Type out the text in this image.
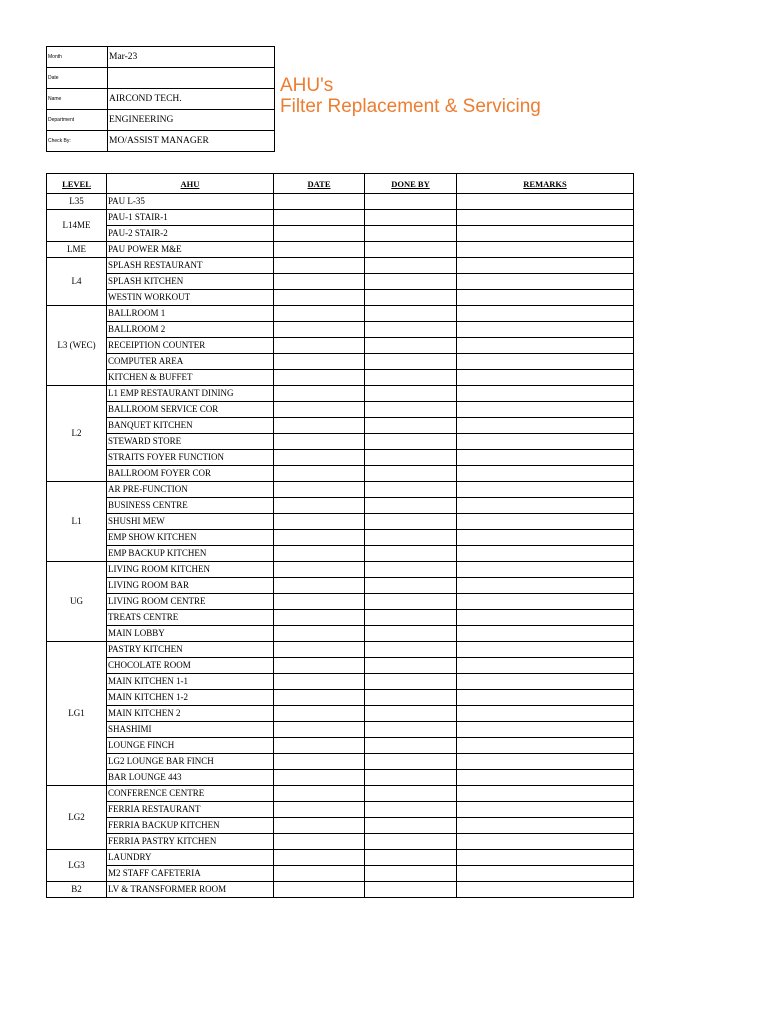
Month	Mar-23
Date	
Name	AIRCOND TECH.
Department	ENGINEERING
Check By:	MO/ASSIST MANAGER
AHU's
Filter Replacement & Servicing
LEVEL	AHU	DATE	DONE BY	REMARKS
L35	PAU L-35			
L14ME	PAU-1 STAIR-1			
	PAU-2 STAIR-2			
LME	PAU POWER M&E			
L4	SPLASH RESTAURANT			
	SPLASH KITCHEN			
	WESTIN WORKOUT			
L3 (WEC)	BALLROOM 1			
	BALLROOM 2			
	RECEIPTION COUNTER			
	COMPUTER AREA			
	KITCHEN & BUFFET			
L2	L1 EMP RESTAURANT DINING			
	BALLROOM SERVICE COR			
	BANQUET KITCHEN			
	STEWARD STORE			
	STRAITS FOYER FUNCTION			
	BALLROOM FOYER COR			
L1	AR PRE-FUNCTION			
	BUSINESS CENTRE			
	SHUSHI MEW			
	EMP SHOW KITCHEN			
	EMP BACKUP KITCHEN			
UG	LIVING ROOM KITCHEN			
	LIVING ROOM BAR			
	LIVING ROOM CENTRE			
	TREATS CENTRE			
	MAIN LOBBY			
LG1	PASTRY KITCHEN			
	CHOCOLATE ROOM			
	MAIN KITCHEN 1-1			
	MAIN KITCHEN 1-2			
	MAIN KITCHEN 2			
	SHASHIMI			
	LOUNGE FINCH			
	LG2 LOUNGE BAR FINCH			
	BAR LOUNGE 443			
LG2	CONFERENCE CENTRE			
	FERRIA RESTAURANT			
	FERRIA BACKUP KITCHEN			
	FERRIA PASTRY KITCHEN			
LG3	LAUNDRY			
	M2 STAFF CAFETERIA			
B2	LV & TRANSFORMER ROOM			
